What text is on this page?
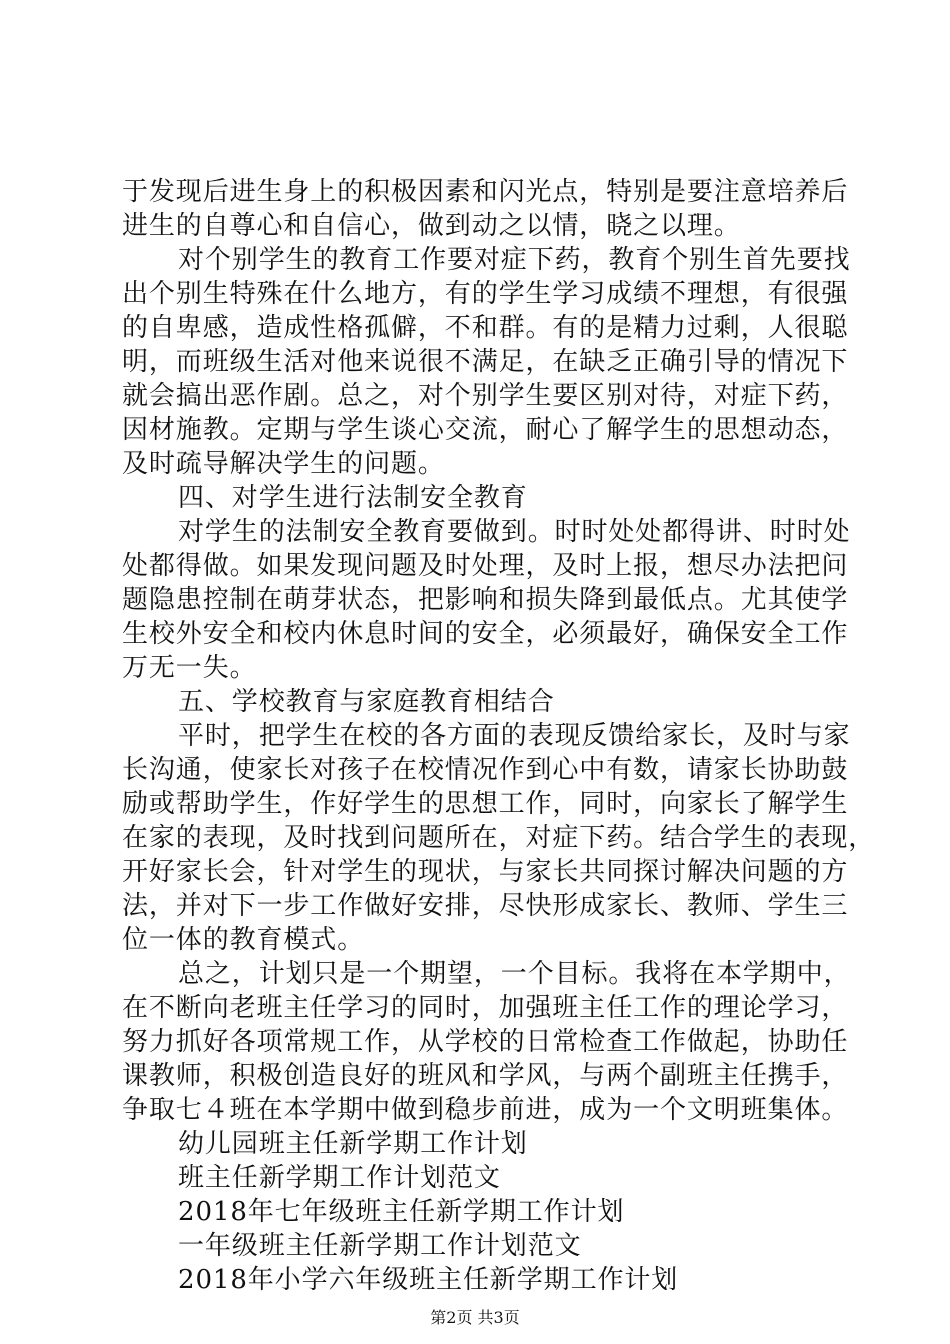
于发现后进生身上的积极因素和闪光点，特别是要注意培养后
进生的自尊心和自信心，做到动之以情，晓之以理。
对个别学生的教育工作要对症下药，教育个别生首先要找
出个别生特殊在什么地方，有的学生学习成绩不理想，有很强
的自卑感，造成性格孤僻，不和群。有的是精力过剩，人很聪
明，而班级生活对他来说很不满足，在缺乏正确引导的情况下
就会搞出恶作剧。总之，对个别学生要区别对待，对症下药，
因材施教。定期与学生谈心交流，耐心了解学生的思想动态，
及时疏导解决学生的问题。
四、对学生进行法制安全教育
对学生的法制安全教育要做到。时时处处都得讲、时时处
处都得做。如果发现问题及时处理，及时上报，想尽办法把问
题隐患控制在萌芽状态，把影响和损失降到最低点。尤其使学
生校外安全和校内休息时间的安全，必须最好，确保安全工作
万无一失。
五、学校教育与家庭教育相结合
平时，把学生在校的各方面的表现反馈给家长，及时与家
长沟通，使家长对孩子在校情况作到心中有数，请家长协助鼓
励或帮助学生，作好学生的思想工作，同时，向家长了解学生
在家的表现，及时找到问题所在，对症下药。结合学生的表现，
开好家长会，针对学生的现状，与家长共同探讨解决问题的方
法，并对下一步工作做好安排，尽快形成家长、教师、学生三
位一体的教育模式。
总之，计划只是一个期望，一个目标。我将在本学期中，
在不断向老班主任学习的同时，加强班主任工作的理论学习，
努力抓好各项常规工作，从学校的日常检查工作做起，协助任
课教师，积极创造良好的班风和学风，与两个副班主任携手，
争取七４班在本学期中做到稳步前进，成为一个文明班集体。
幼儿园班主任新学期工作计划
班主任新学期工作计划范文
2018年七年级班主任新学期工作计划
一年级班主任新学期工作计划范文
2018年小学六年级班主任新学期工作计划
第2页 共3页
